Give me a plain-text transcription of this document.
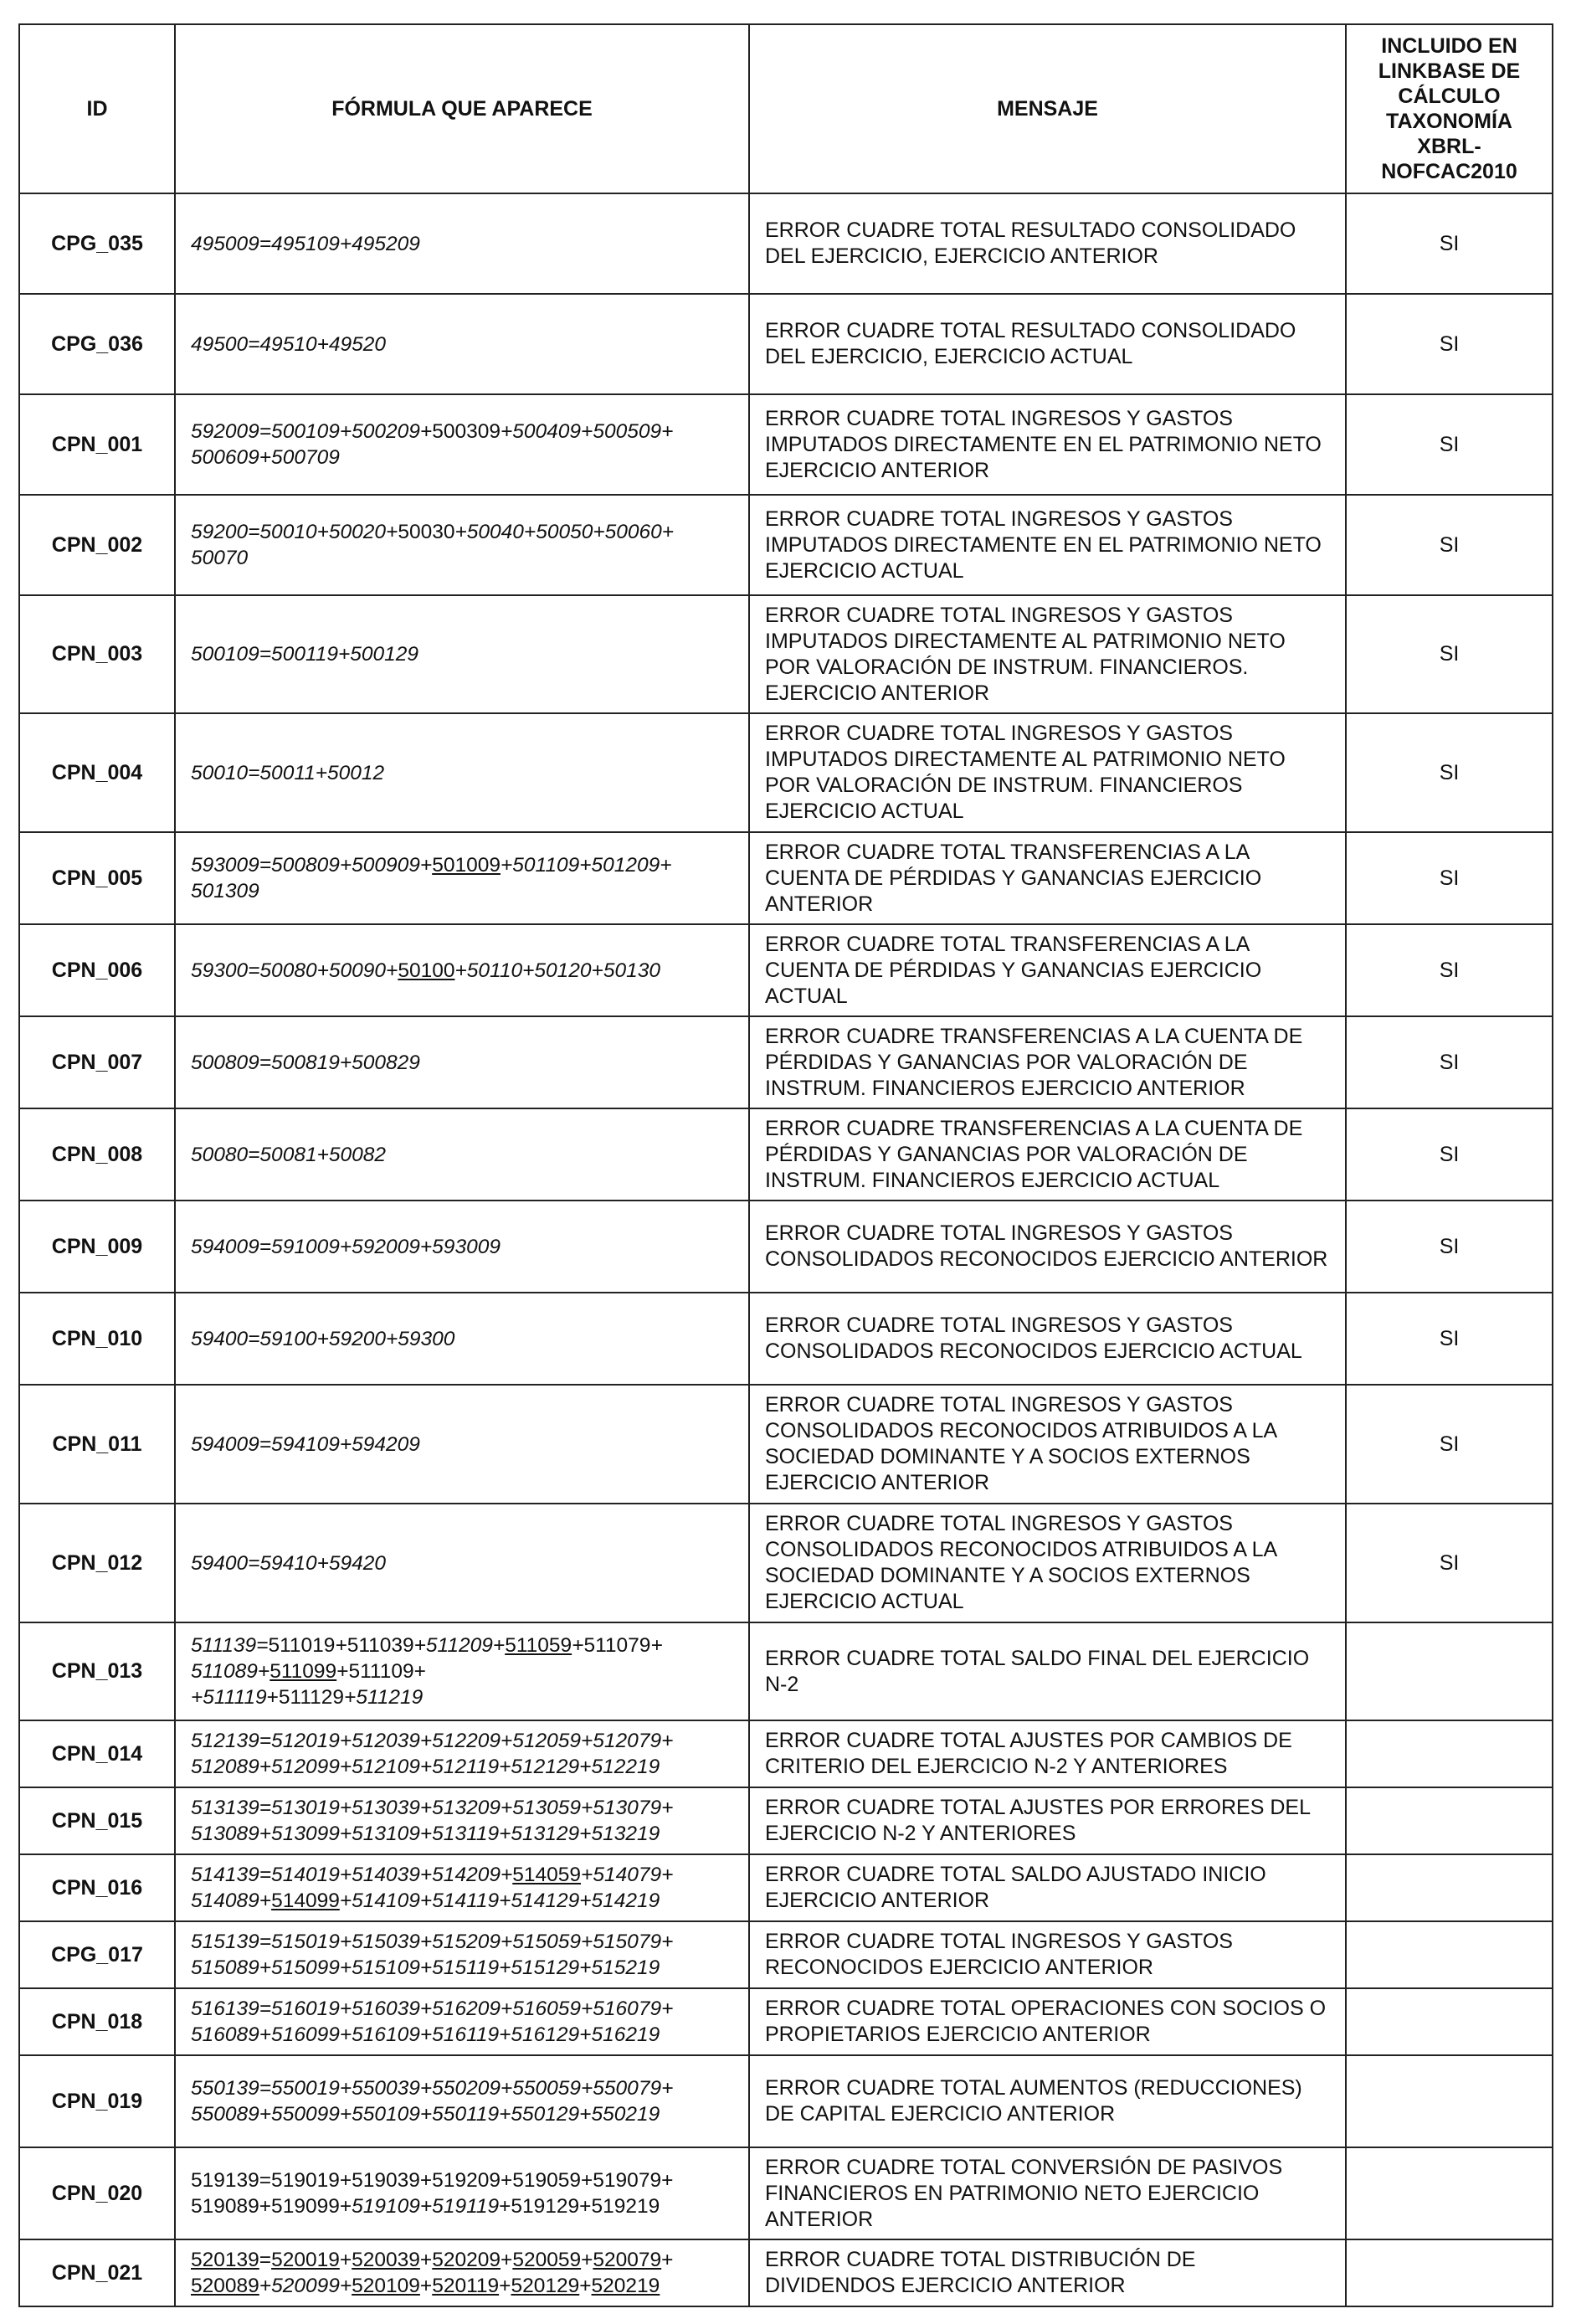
ID	FÓRMULA QUE APARECE	MENSAJE	INCLUIDO EN LINKBASE DE CÁLCULO TAXONOMÍA XBRL-NOFCAC2010
CPG_035	495009=495109+495209	ERROR CUADRE TOTAL RESULTADO CONSOLIDADO DEL EJERCICIO, EJERCICIO ANTERIOR	SI
CPG_036	49500=49510+49520	ERROR CUADRE TOTAL RESULTADO CONSOLIDADO DEL EJERCICIO, EJERCICIO ACTUAL	SI
CPN_001	592009=500109+500209+500309+500409+500509+
500609+500709	ERROR CUADRE TOTAL INGRESOS Y GASTOS IMPUTADOS DIRECTAMENTE EN EL PATRIMONIO NETO EJERCICIO ANTERIOR	SI
CPN_002	59200=50010+50020+50030+50040+50050+50060+
50070	ERROR CUADRE TOTAL INGRESOS Y GASTOS IMPUTADOS DIRECTAMENTE EN EL PATRIMONIO NETO EJERCICIO ACTUAL	SI
CPN_003	500109=500119+500129	ERROR CUADRE TOTAL INGRESOS Y GASTOS IMPUTADOS DIRECTAMENTE AL PATRIMONIO NETO POR VALORACIÓN DE INSTRUM. FINANCIEROS. EJERCICIO ANTERIOR	SI
CPN_004	50010=50011+50012	ERROR CUADRE TOTAL INGRESOS Y GASTOS IMPUTADOS DIRECTAMENTE AL PATRIMONIO NETO POR VALORACIÓN DE INSTRUM. FINANCIEROS EJERCICIO ACTUAL	SI
CPN_005	593009=500809+500909+501009+501109+501209+
501309	ERROR CUADRE TOTAL TRANSFERENCIAS A LA CUENTA DE PÉRDIDAS Y GANANCIAS EJERCICIO ANTERIOR	SI
CPN_006	59300=50080+50090+50100+50110+50120+50130	ERROR CUADRE TOTAL TRANSFERENCIAS A LA CUENTA DE PÉRDIDAS Y GANANCIAS EJERCICIO ACTUAL	SI
CPN_007	500809=500819+500829	ERROR CUADRE TRANSFERENCIAS A LA CUENTA DE PÉRDIDAS Y GANANCIAS POR VALORACIÓN DE INSTRUM. FINANCIEROS EJERCICIO ANTERIOR	SI
CPN_008	50080=50081+50082	ERROR CUADRE TRANSFERENCIAS A LA CUENTA DE PÉRDIDAS Y GANANCIAS POR VALORACIÓN DE INSTRUM. FINANCIEROS EJERCICIO ACTUAL	SI
CPN_009	594009=591009+592009+593009	ERROR CUADRE TOTAL INGRESOS Y GASTOS CONSOLIDADOS RECONOCIDOS EJERCICIO ANTERIOR	SI
CPN_010	59400=59100+59200+59300	ERROR CUADRE TOTAL INGRESOS Y GASTOS CONSOLIDADOS RECONOCIDOS EJERCICIO ACTUAL	SI
CPN_011	594009=594109+594209	ERROR CUADRE TOTAL INGRESOS Y GASTOS CONSOLIDADOS RECONOCIDOS ATRIBUIDOS A LA SOCIEDAD DOMINANTE Y A SOCIOS EXTERNOS EJERCICIO ANTERIOR	SI
CPN_012	59400=59410+59420	ERROR CUADRE TOTAL INGRESOS Y GASTOS CONSOLIDADOS RECONOCIDOS ATRIBUIDOS A LA SOCIEDAD DOMINANTE Y A SOCIOS EXTERNOS EJERCICIO ACTUAL	SI
CPN_013	511139=511019+511039+511209+511059+511079+
511089+511099+511109+
+511119+511129+511219	ERROR CUADRE TOTAL SALDO FINAL DEL EJERCICIO N-2	
CPN_014	512139=512019+512039+512209+512059+512079+
512089+512099+512109+512119+512129+512219	ERROR CUADRE TOTAL AJUSTES POR CAMBIOS DE CRITERIO DEL EJERCICIO N-2 Y ANTERIORES	
CPN_015	513139=513019+513039+513209+513059+513079+
513089+513099+513109+513119+513129+513219	ERROR CUADRE TOTAL AJUSTES POR ERRORES DEL EJERCICIO N-2 Y ANTERIORES	
CPN_016	514139=514019+514039+514209+514059+514079+
514089+514099+514109+514119+514129+514219	ERROR CUADRE TOTAL SALDO AJUSTADO INICIO EJERCICIO ANTERIOR	
CPG_017	515139=515019+515039+515209+515059+515079+
515089+515099+515109+515119+515129+515219	ERROR CUADRE TOTAL INGRESOS Y GASTOS RECONOCIDOS EJERCICIO ANTERIOR	
CPN_018	516139=516019+516039+516209+516059+516079+
516089+516099+516109+516119+516129+516219	ERROR CUADRE TOTAL OPERACIONES CON SOCIOS O PROPIETARIOS EJERCICIO ANTERIOR	
CPN_019	550139=550019+550039+550209+550059+550079+
550089+550099+550109+550119+550129+550219	ERROR CUADRE TOTAL AUMENTOS (REDUCCIONES) DE CAPITAL EJERCICIO ANTERIOR	
CPN_020	519139=519019+519039+519209+519059+519079+
519089+519099+519109+519119+519129+519219	ERROR CUADRE TOTAL CONVERSIÓN DE PASIVOS FINANCIEROS EN PATRIMONIO NETO EJERCICIO ANTERIOR	
CPN_021	520139=520019+520039+520209+520059+520079+
520089+520099+520109+520119+520129+520219	ERROR CUADRE TOTAL DISTRIBUCIÓN DE DIVIDENDOS EJERCICIO ANTERIOR	
